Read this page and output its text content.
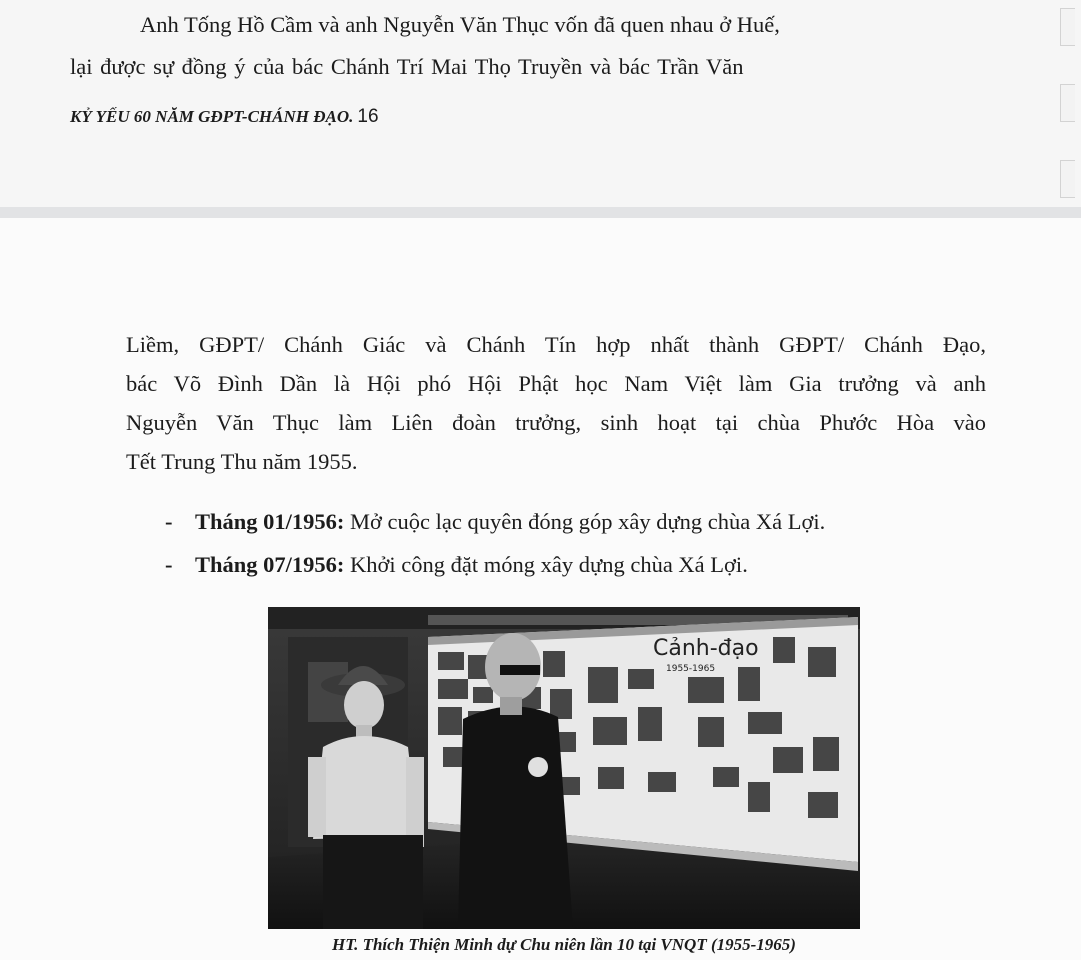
Anh Tống Hồ Cầm và anh Nguyễn Văn Thục vốn đã quen nhau ở Huế,
lại được sự đồng ý của bác Chánh Trí Mai Thọ Truyền và bác Trần Văn
KỶ YẾU 60 NĂM GĐPT-CHÁNH ĐẠO. 16
Liềm, GĐPT/ Chánh Giác và Chánh Tín hợp nhất thành GĐPT/ Chánh Đạo,
bác Võ Đình Dần là Hội phó Hội Phật học Nam Việt làm Gia trưởng và anh
Nguyễn Văn Thục làm Liên đoàn trưởng, sinh hoạt tại chùa Phước Hòa vào
Tết Trung Thu năm 1955.
- Tháng 01/1956: Mở cuộc lạc quyên đóng góp xây dựng chùa Xá Lợi.
- Tháng 07/1956: Khởi công đặt móng xây dựng chùa Xá Lợi.
Cảnh-đạo
1955-1965
HT. Thích Thiện Minh dự Chu niên lần 10 tại VNQT (1955-1965)
